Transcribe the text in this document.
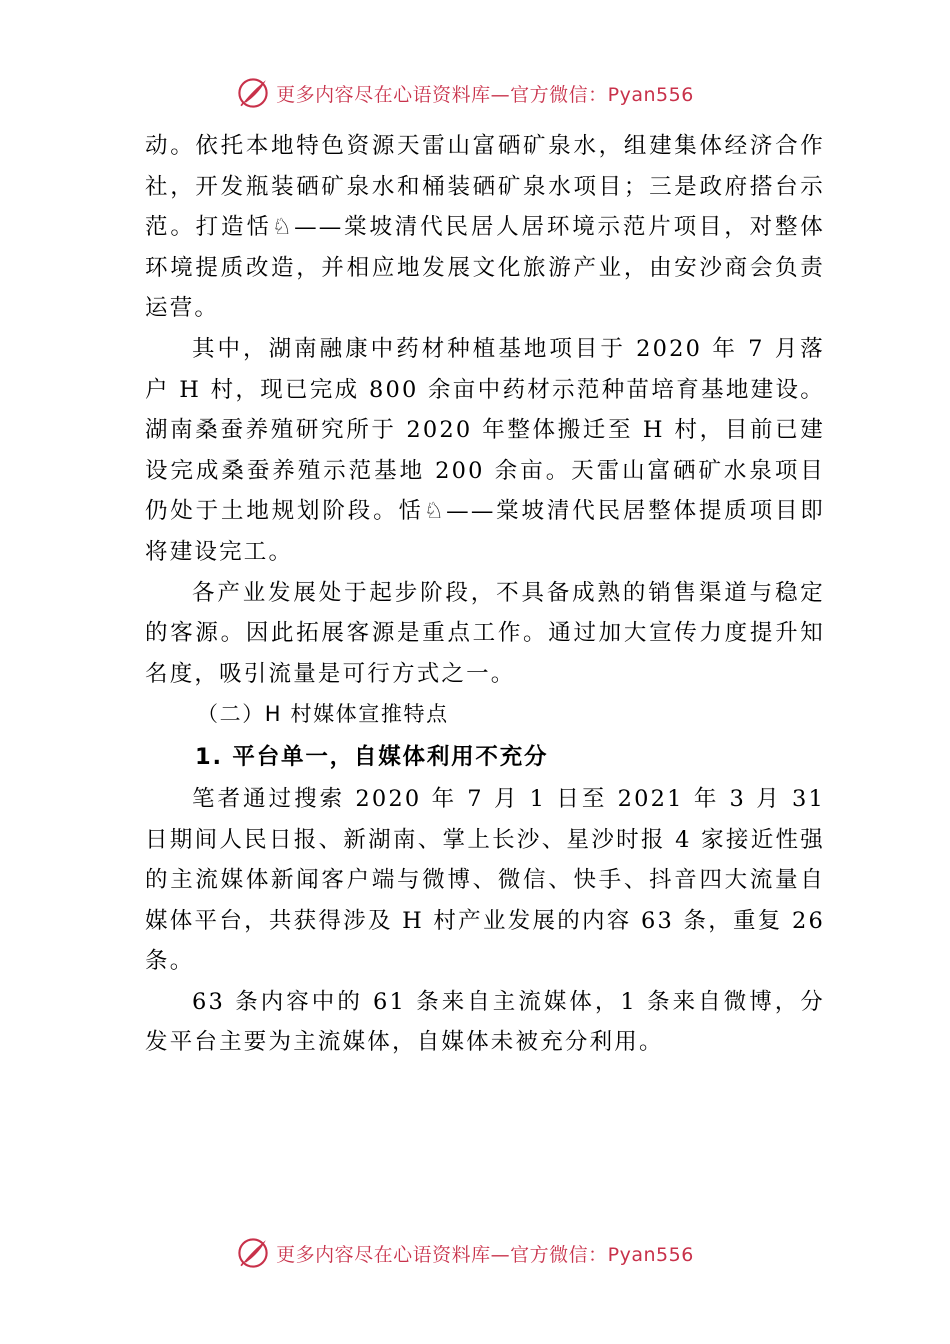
更多内容尽在心语资料库—官方微信：Pyan556

动。依托本地特色资源天雷山富硒矿泉水，组建集体经济合作社，开发瓶装硒矿泉水和桶装硒矿泉水项目；三是政府搭台示范。打造恬♘——棠坡清代民居人居环境示范片项目，对整体环境提质改造，并相应地发展文化旅游产业，由安沙商会负责运营。

其中，湖南融康中药材种植基地项目于 2020 年 7 月落户 H 村，现已完成 800 余亩中药材示范种苗培育基地建设。湖南桑蚕养殖研究所于 2020 年整体搬迁至 H 村，目前已建设完成桑蚕养殖示范基地 200 余亩。天雷山富硒矿水泉项目仍处于土地规划阶段。恬♘——棠坡清代民居整体提质项目即将建设完工。

各产业发展处于起步阶段，不具备成熟的销售渠道与稳定的客源。因此拓展客源是重点工作。通过加大宣传力度提升知名度，吸引流量是可行方式之一。

（二）H 村媒体宣推特点

1. 平台单一，自媒体利用不充分

笔者通过搜索 2020 年 7 月 1 日至 2021 年 3 月 31 日期间人民日报、新湖南、掌上长沙、星沙时报 4 家接近性强的主流媒体新闻客户端与微博、微信、快手、抖音四大流量自媒体平台，共获得涉及 H 村产业发展的内容 63 条，重复 26 条。

63 条内容中的 61 条来自主流媒体，1 条来自微博，分发平台主要为主流媒体，自媒体未被充分利用。

更多内容尽在心语资料库—官方微信：Pyan556
